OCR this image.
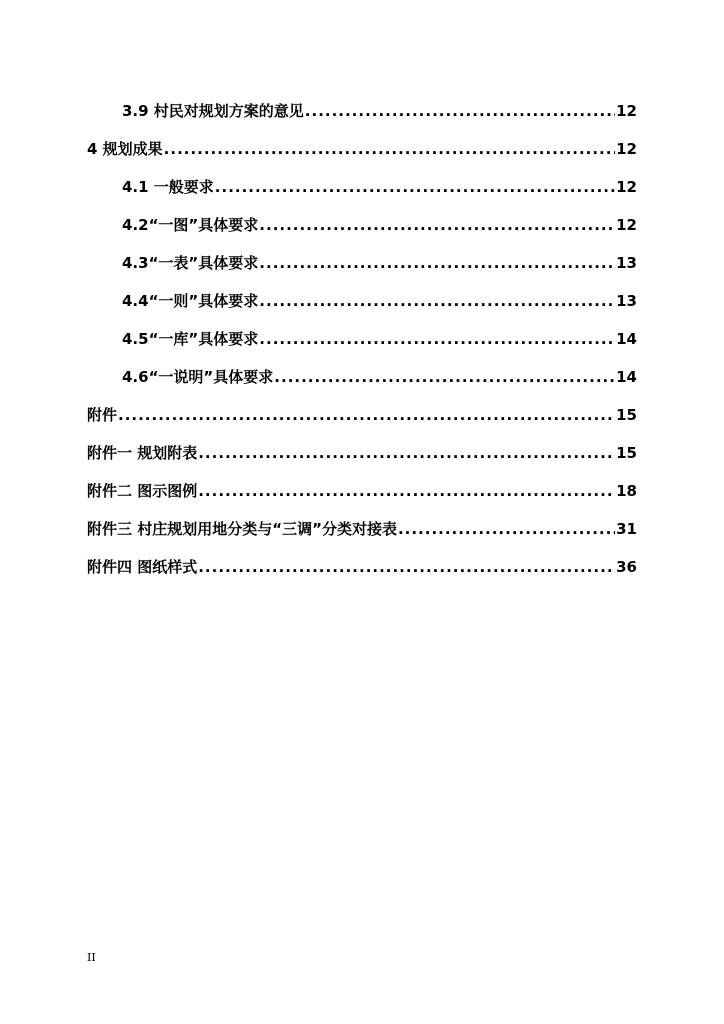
3.9 村民对规划方案的意见 .....	12
4 规划成果 .....	12
4.1 一般要求 .....	12
4.2“一图”具体要求 .....	12
4.3“一表”具体要求 .....	13
4.4“一则”具体要求 .....	13
4.5“一库”具体要求 .....	14
4.6“一说明”具体要求 .....	14
附件 .....	15
附件一 规划附表 .....	15
附件二 图示图例 .....	18
附件三 村庄规划用地分类与“三调”分类对接表 .....	31
附件四 图纸样式 .....	36
II
